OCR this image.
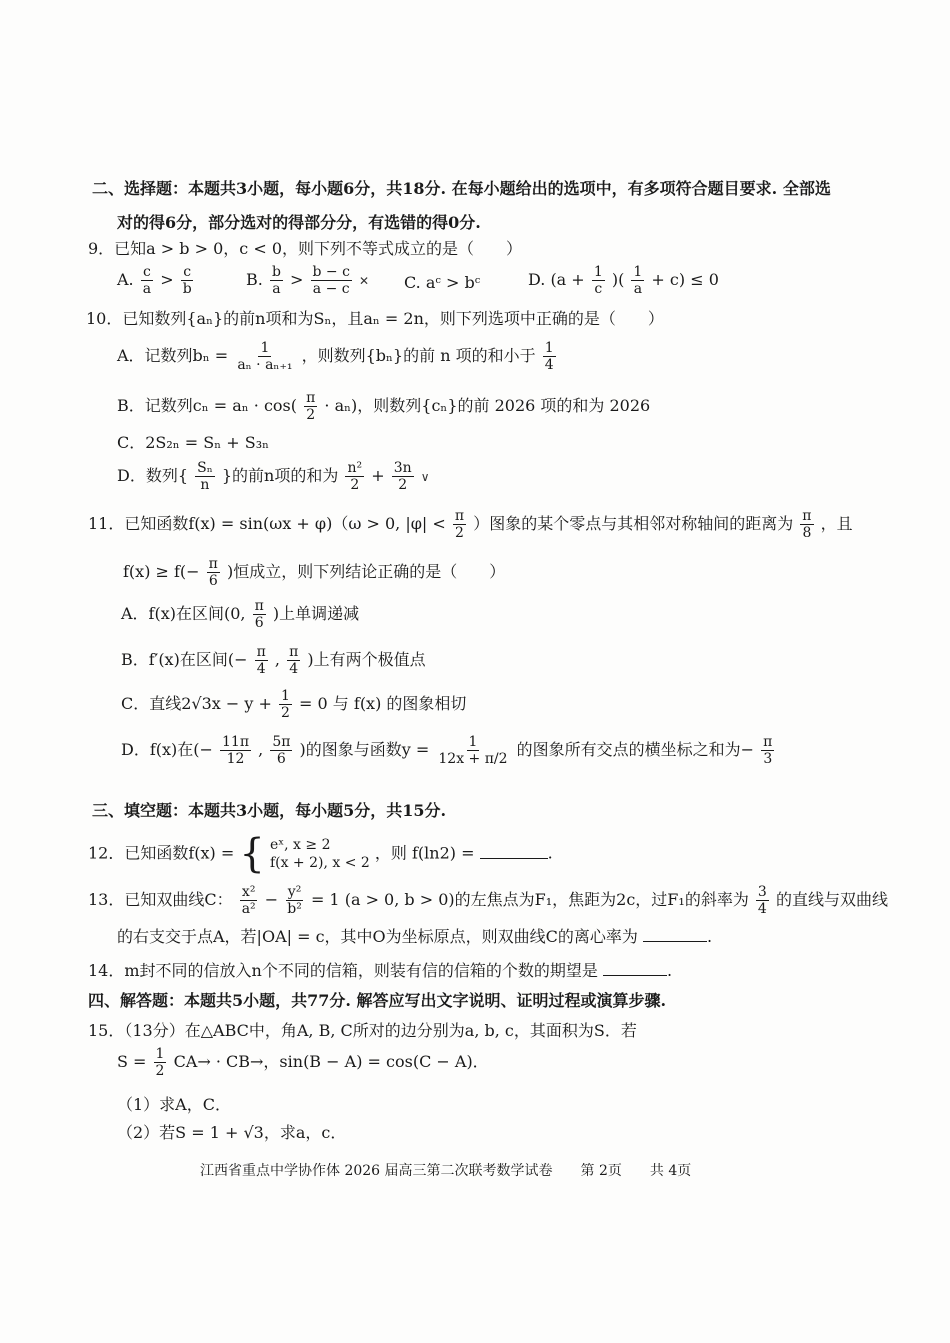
二、选择题：本题共3小题，每小题6分，共18分. 在每小题给出的选项中，有多项符合题目要求. 全部选
对的得6分，部分选对的得部分分，有选错的得0分.
9．已知a > b > 0，c < 0，则下列不等式成立的是（　　）
A. $\frac{c}{a} > \frac{c}{b}$	B. $\frac{b}{a} > \frac{b - c}{a - c}$ ✕ C. aᶜ > bᶜ	D. ($a + \frac{1}{c}$ )( $\frac{1}{a} + c) \le 0$
10．已知数列{aₙ}的前n项和为Sₙ，且aₙ = 2n，则下列选项中正确的是（　　）
A．记数列$b_n = \frac{1}{\text{aₙ · aₙ₊₁}}$ ，则数列{bₙ}的前 n 项的和小于 $\frac{1}{4}$
B．记数列$c_n = a_n \cdot \cos( \frac{\pi}{2} \cdot a_n)$，则数列{cₙ}的前 2026 项的和为 2026
C．2S₂ₙ = Sₙ + S₃ₙ
D．数列{ $\frac{\text{Sₙ}}{n}$ }的前n项的和为 $\frac{\text{n²}}{2} + \frac{3n}{2}$ ∨
11．已知函数f(x) = sin(ωx + φ)（ω > 0, $|\varphi| < \frac{\pi}{2}$ ）图象的某个零点与其相邻对称轴间的距离为 $\frac{\pi}{8}$ ，且
$f(x) \ge f(- \frac{\pi}{6}$ )恒成立，则下列结论正确的是（　　）
A．f(x)在区间(0, $\frac{\pi}{6}$ )上单调递减
B．f′(x)在区间(− $\frac{\pi}{4}$ , $\frac{\pi}{4}$ )上有两个极值点
C．直线$2√3x - y + \frac{1}{2} = 0$ 与 f(x) 的图象相切
D．f(x)在(− $\frac{11\pi}{12}$ , $\frac{5\pi}{6}$ )的图象与函数$y = \frac{1}{12x + \pi/2}$ 的图象所有交点的横坐标之和为− $\frac{\pi}{3}$
三、填空题：本题共3小题，每小题5分，共15分.
12．已知函数f(x) = { eˣ, x ≥ 2
f(x + 2), x < 2
，则 f(ln2) =	.
13．已知双曲线C： $\frac{\text{x²}}{\text{a²}} - \frac{\text{y²}}{\text{b²}} = 1$ (a > 0, b > 0)的左焦点为F₁，焦距为2c，过F₁的斜率为 $\frac{3}{4}$ 的直线与双曲线
的右支交于点A，若|OA| = c，其中O为坐标原点，则双曲线C的离心率为	.
14．m封不同的信放入n个不同的信箱，则装有信的信箱的个数的期望是	.
四、解答题：本题共5小题，共77分. 解答应写出文字说明、证明过程或演算步骤.
15．（13分）在△ABC中，角A, B, C所对的边分别为a, b, c，其面积为S．若
$S = \frac{1}{2} CA\to \cdot CB\to$，sin(B − A) = cos(C − A)．
（1）求A，C．
（2）若S = 1 + √3，求a，c．
江西省重点中学协作体 2026 届高三第二次联考数学试卷　　第 2页　　共 4页
